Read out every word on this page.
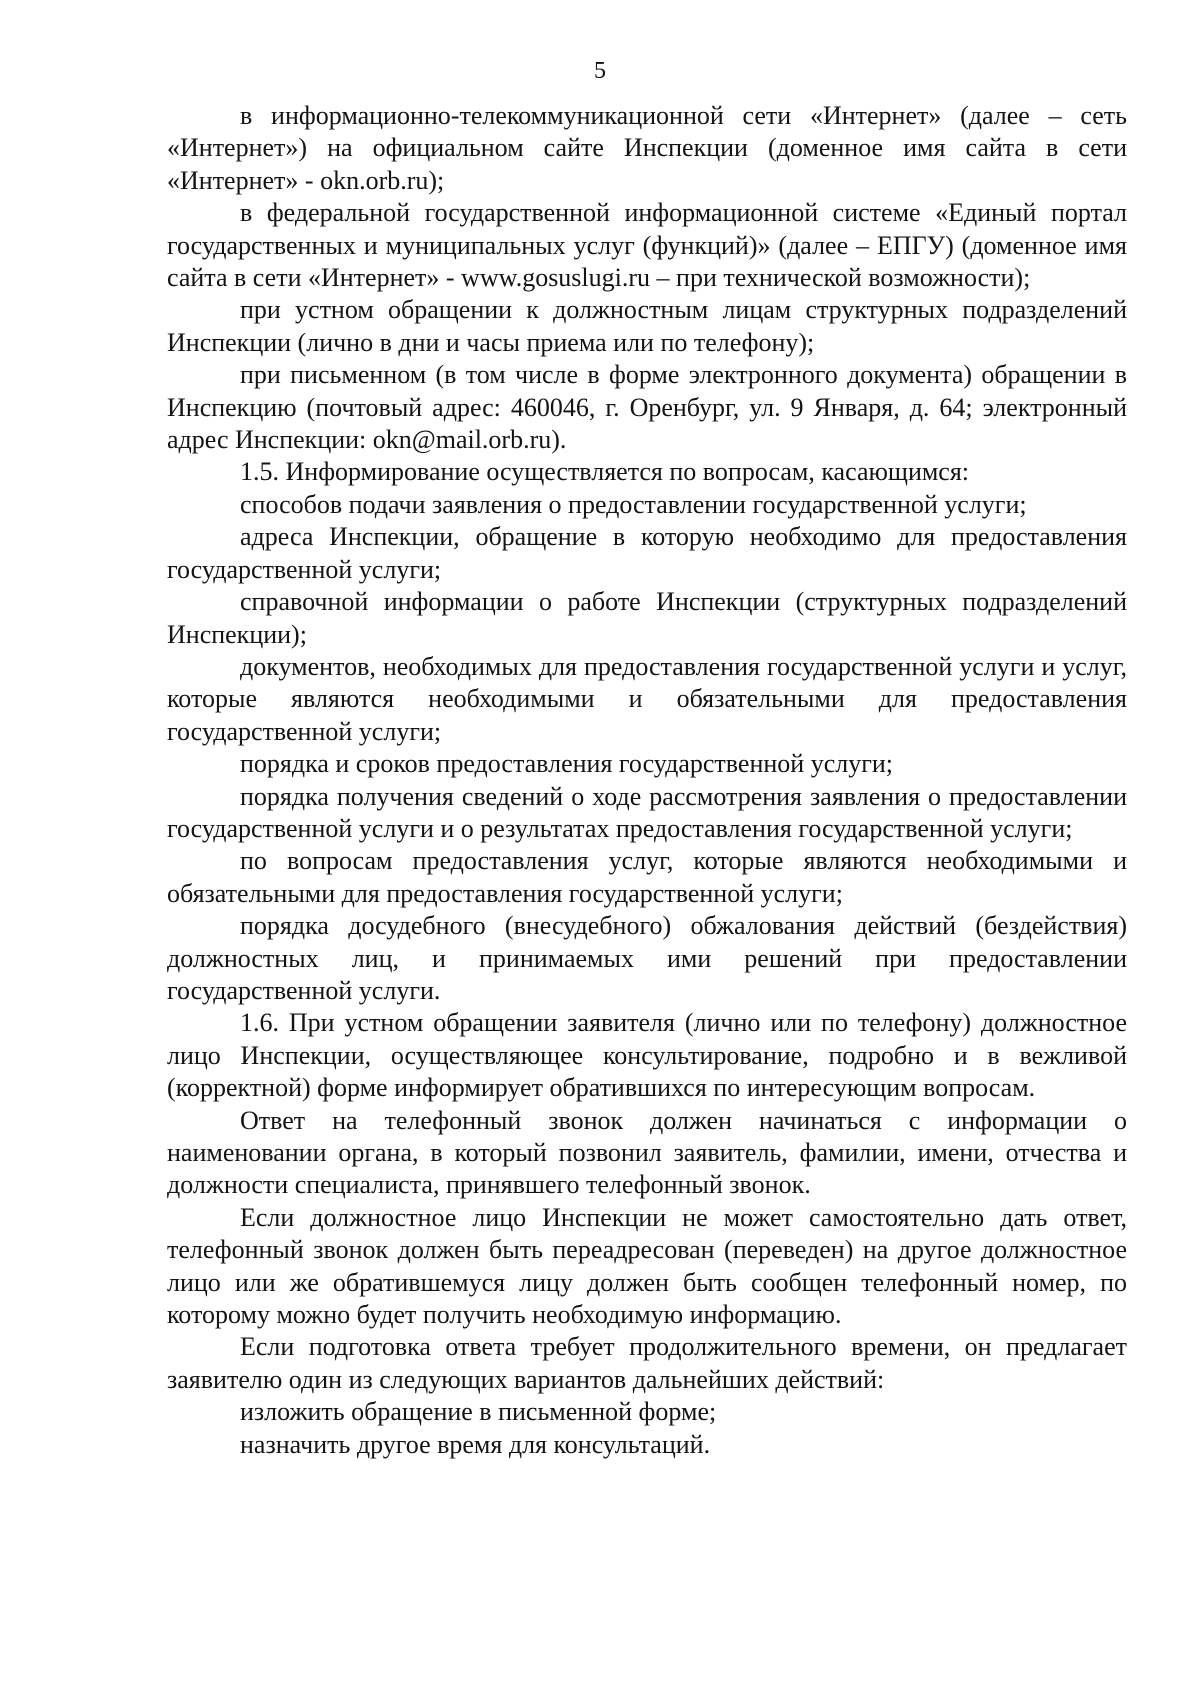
5

в информационно-телекоммуникационной сети «Интернет» (далее – сеть «Интернет») на официальном сайте Инспекции (доменное имя сайта в сети «Интернет» - okn.orb.ru);

в федеральной государственной информационной системе «Единый портал государственных и муниципальных услуг (функций)» (далее – ЕПГУ) (доменное имя сайта в сети «Интернет» - www.gosuslugi.ru – при технической возможности);

при устном обращении к должностным лицам структурных подразделений Инспекции (лично в дни и часы приема или по телефону);

при письменном (в том числе в форме электронного документа) обращении в Инспекцию (почтовый адрес: 460046, г. Оренбург, ул. 9 Января, д. 64; электронный адрес Инспекции: okn@mail.orb.ru).

1.5. Информирование осуществляется по вопросам, касающимся:

способов подачи заявления о предоставлении государственной услуги;

адреса Инспекции, обращение в которую необходимо для предоставления государственной услуги;

справочной информации о работе Инспекции (структурных подразделений Инспекции);

документов, необходимых для предоставления государственной услуги и услуг, которые являются необходимыми и обязательными для предоставления государственной услуги;

порядка и сроков предоставления государственной услуги;

порядка получения сведений о ходе рассмотрения заявления о предоставлении государственной услуги и о результатах предоставления государственной услуги;

по вопросам предоставления услуг, которые являются необходимыми и обязательными для предоставления государственной услуги;

порядка досудебного (внесудебного) обжалования действий (бездействия) должностных лиц, и принимаемых ими решений при предоставлении государственной услуги.

1.6. При устном обращении заявителя (лично или по телефону) должностное лицо Инспекции, осуществляющее консультирование, подробно и в вежливой (корректной) форме информирует обратившихся по интересующим вопросам.

Ответ на телефонный звонок должен начинаться с информации о наименовании органа, в который позвонил заявитель, фамилии, имени, отчества и должности специалиста, принявшего телефонный звонок.

Если должностное лицо Инспекции не может самостоятельно дать ответ, телефонный звонок должен быть переадресован (переведен) на другое должностное лицо или же обратившемуся лицу должен быть сообщен телефонный номер, по которому можно будет получить необходимую информацию.

Если подготовка ответа требует продолжительного времени, он предлагает заявителю один из следующих вариантов дальнейших действий:

изложить обращение в письменной форме;

назначить другое время для консультаций.
